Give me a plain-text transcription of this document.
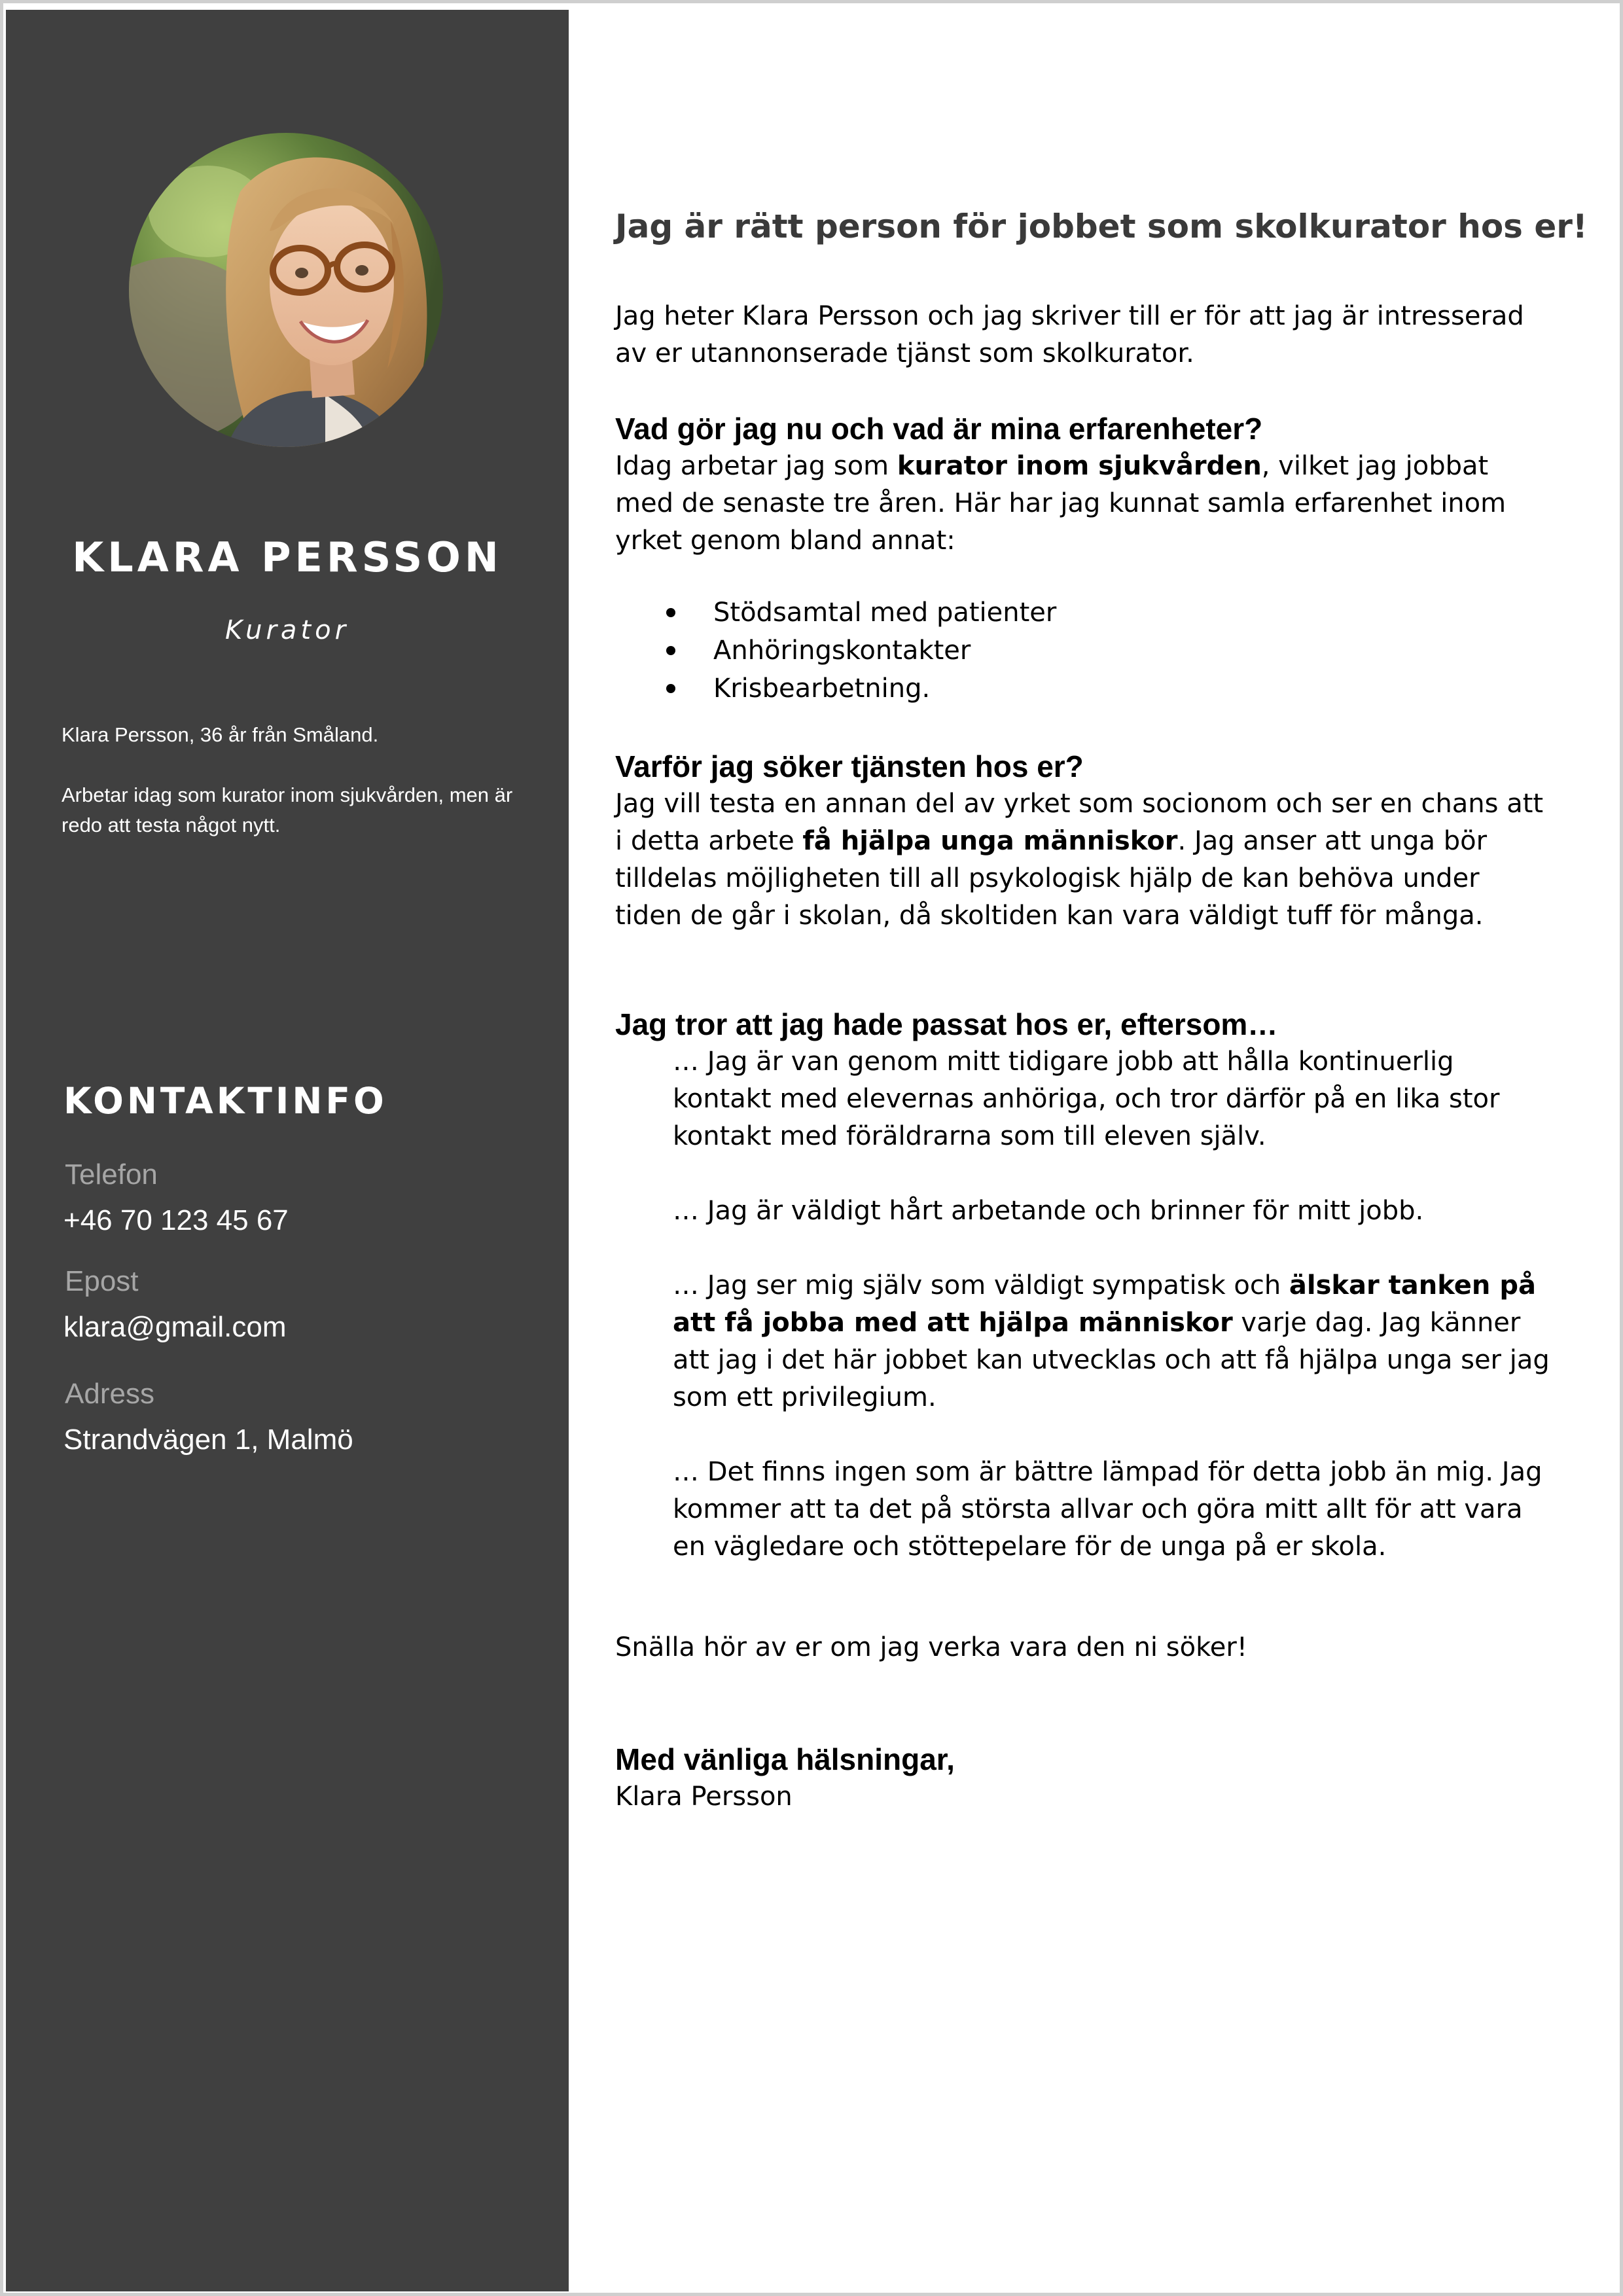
KLARA PERSSON
Kurator

Klara Persson, 36 år från Småland.

Arbetar idag som kurator inom sjukvården, men är redo att testa något nytt.

KONTAKTINFO
Telefon
+46 70 123 45 67
Epost
klara@gmail.com
Adress
Strandvägen 1, Malmö
Jag är rätt person för jobbet som skolkurator hos er!

Jag heter Klara Persson och jag skriver till er för att jag är intresserad av er utannonserade tjänst som skolkurator.

Vad gör jag nu och vad är mina erfarenheter?

Idag arbetar jag som kurator inom sjukvården, vilket jag jobbat med de senaste tre åren. Här har jag kunnat samla erfarenhet inom yrket genom bland annat:

Stödsamtal med patienter
Anhöringskontakter
Krisbearbetning.
Varför jag söker tjänsten hos er?

Jag vill testa en annan del av yrket som socionom och ser en chans att i detta arbete få hjälpa unga människor. Jag anser att unga bör tilldelas möjligheten till all psykologisk hjälp de kan behöva under tiden de går i skolan, då skoltiden kan vara väldigt tuff för många.

Jag tror att jag hade passat hos er, eftersom…

… Jag är van genom mitt tidigare jobb att hålla kontinuerlig kontakt med elevernas anhöriga, och tror därför på en lika stor kontakt med föräldrarna som till eleven själv.

… Jag är väldigt hårt arbetande och brinner för mitt jobb.

… Jag ser mig själv som väldigt sympatisk och älskar tanken på att få jobba med att hjälpa människor varje dag. Jag känner att jag i det här jobbet kan utvecklas och att få hjälpa unga ser jag som ett privilegium.

… Det finns ingen som är bättre lämpad för detta jobb än mig. Jag kommer att ta det på största allvar och göra mitt allt för att vara en vägledare och stöttepelare för de unga på er skola.

Snälla hör av er om jag verka vara den ni söker!

Med vänliga hälsningar,

Klara Persson
